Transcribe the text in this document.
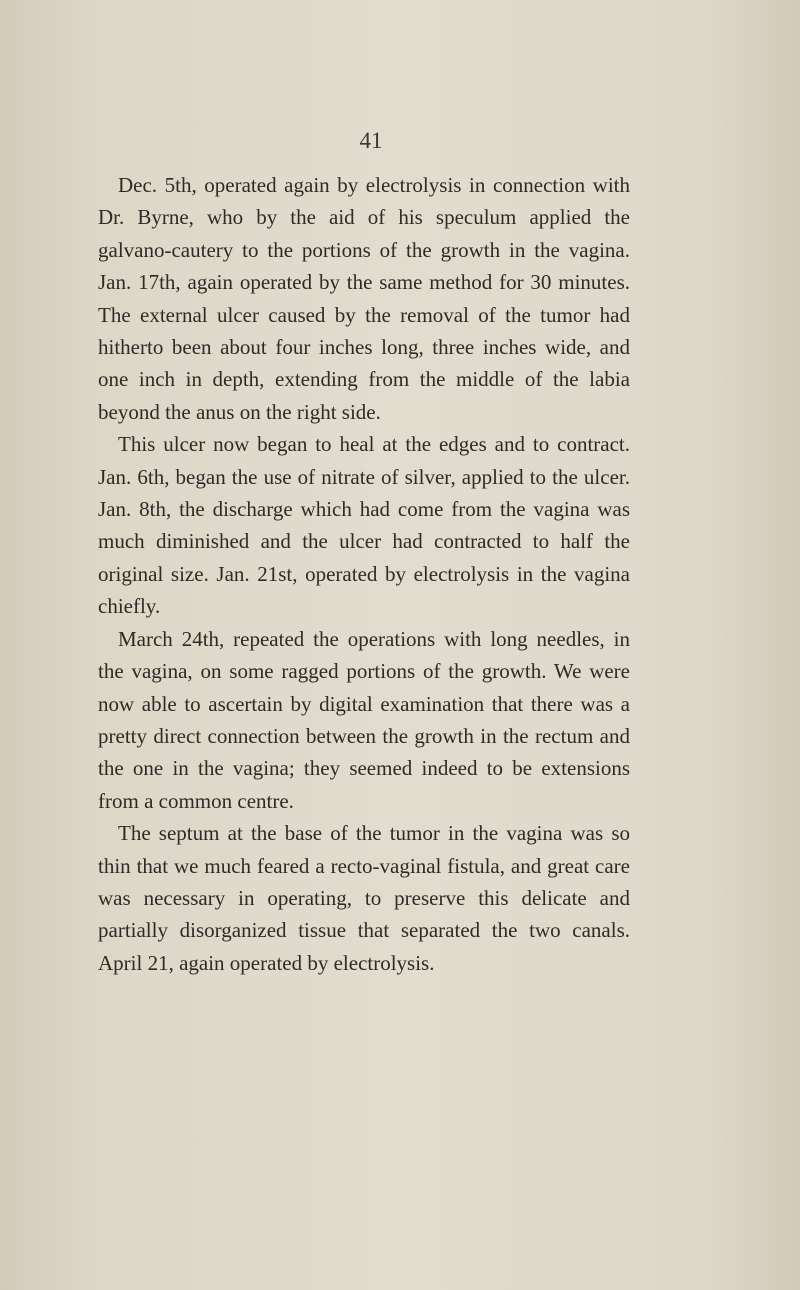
41

Dec. 5th, operated again by electrolysis in connection with Dr. Byrne, who by the aid of his speculum applied the galvano-cautery to the portions of the growth in the vagina. Jan. 17th, again operated by the same method for 30 minutes. The external ulcer caused by the removal of the tumor had hitherto been about four inches long, three inches wide, and one inch in depth, extending from the middle of the labia beyond the anus on the right side.

This ulcer now began to heal at the edges and to contract. Jan. 6th, began the use of nitrate of silver, applied to the ulcer. Jan. 8th, the discharge which had come from the vagina was much diminished and the ulcer had contracted to half the original size. Jan. 21st, operated by electrolysis in the vagina chiefly.

March 24th, repeated the operations with long needles, in the vagina, on some ragged portions of the growth. We were now able to ascertain by digital examination that there was a pretty direct connection between the growth in the rectum and the one in the vagina; they seemed indeed to be extensions from a common centre.

The septum at the base of the tumor in the vagina was so thin that we much feared a recto-vaginal fistula, and great care was necessary in operating, to preserve this delicate and partially disorganized tissue that separated the two canals. April 21, again operated by electrolysis.
